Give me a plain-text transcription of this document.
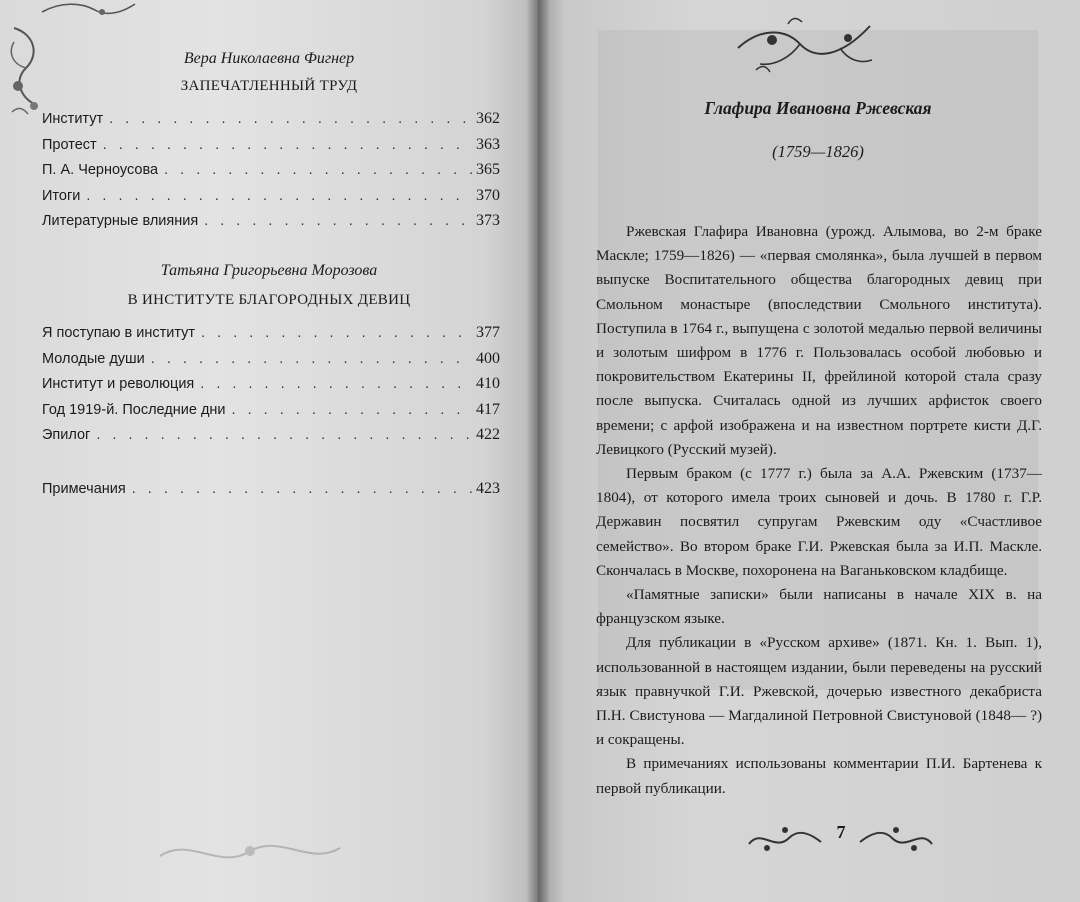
Вера Николаевна Фигнер
ЗАПЕЧАТЛЕННЫЙ ТРУД
Институт . . .	362
Протест . . .	363
П. А. Черноусова . . .	365
Итоги . . .	370
Литературные влияния . . .	373
Татьяна Григорьевна Морозова
В ИНСТИТУТЕ БЛАГОРОДНЫХ ДЕВИЦ
Я поступаю в институт . . .	377
Молодые души . . .	400
Институт и революция . . .	410
Год 1919-й. Последние дни . . .	417
Эпилог . . .	422
Примечания . . .	423
Глафира Ивановна Ржевская
(1759—1826)

Ржевская Глафира Ивановна (урожд. Алымова, во 2-м браке Маскле; 1759—1826) — «первая смолянка», была лучшей в первом выпуске Воспитательного общества благородных девиц при Смольном монастыре (впоследствии Смольного института). Поступила в 1764 г., выпущена с золотой медалью первой величины и золотым шифром в 1776 г. Пользовалась особой любовью и покровительством Екатерины II, фрейлиной которой стала сразу после выпуска. Считалась одной из лучших арфисток своего времени; с арфой изображена и на известном портрете кисти Д.Г. Левицкого (Русский музей).

Первым браком (с 1777 г.) была за А.А. Ржевским (1737—1804), от которого имела троих сыновей и дочь. В 1780 г. Г.Р. Державин посвятил супругам Ржевским оду «Счастливое семейство». Во втором браке Г.И. Ржевская была за И.П. Маскле. Скончалась в Москве, похоронена на Ваганьковском кладбище.

«Памятные записки» были написаны в начале XIX в. на французском языке.

Для публикации в «Русском архиве» (1871. Кн. 1. Вып. 1), использованной в настоящем издании, были переведены на русский язык правнучкой Г.И. Ржевской, дочерью известного декабриста П.Н. Свистунова — Магдалиной Петровной Свистуновой (1848— ?) и сокращены.

В примечаниях использованы комментарии П.И. Бартенева к первой публикации.

7
